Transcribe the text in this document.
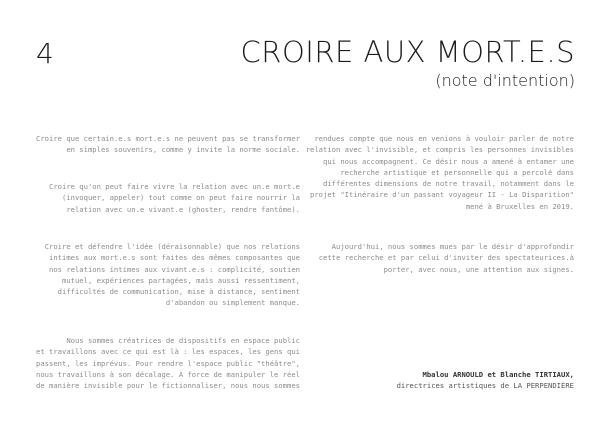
4	CROIRE AUX MORT.E.S
(note d'intention)
Croire que certain.e.s mort.e.s ne peuvent pas se transformer
en simples souvenirs, comme y invite la norme sociale.
Croire qu'on peut faire vivre la relation avec un.e mort.e
(invoquer, appeler) tout comme on peut faire nourrir la
relation avec un.e vivant.e (ghoster, rendre fantôme).
Croire et défendre l'idée (déraisonnable) que nos relations
intimes aux mort.e.s sont faites des mêmes composantes que
nos relations intimes aux vivant.e.s : complicité, soutien
mutuel, expériences partagées, mais aussi ressentiment,
difficultés de communication, mise à distance, sentiment
d'abandon ou simplement manque.
Nous sommes créatrices de dispositifs en espace public
et travaillons avec ce qui est là : les espaces, les gens qui
passent, les imprévus. Pour rendre l'espace public "théâtre",
nous travaillons à son décalage. À force de manipuler le réel
de manière invisible pour le fictionnaliser, nous nous sommes
rendues compte que nous en venions à vouloir parler de notre
relation avec l'invisible, et compris les personnes invisibles
qui nous accompagnent. Ce désir nous a amené à entamer une
recherche artistique et personnelle qui a percolé dans
différentes dimensions de notre travail, notamment dans le
projet "Itinéraire d'un passant voyageur II - La Disparition"
mené à Bruxelles en 2019.
Aujourd'hui, nous sommes mues par le désir d'approfondir
cette recherche et par celui d'inviter des spectateurices.à
porter, avec nous, une attention aux signes.
Mbalou ARNOULD et Blanche TIRTIAUX,
directrices artistiques de LA PERPENDIÈRE
